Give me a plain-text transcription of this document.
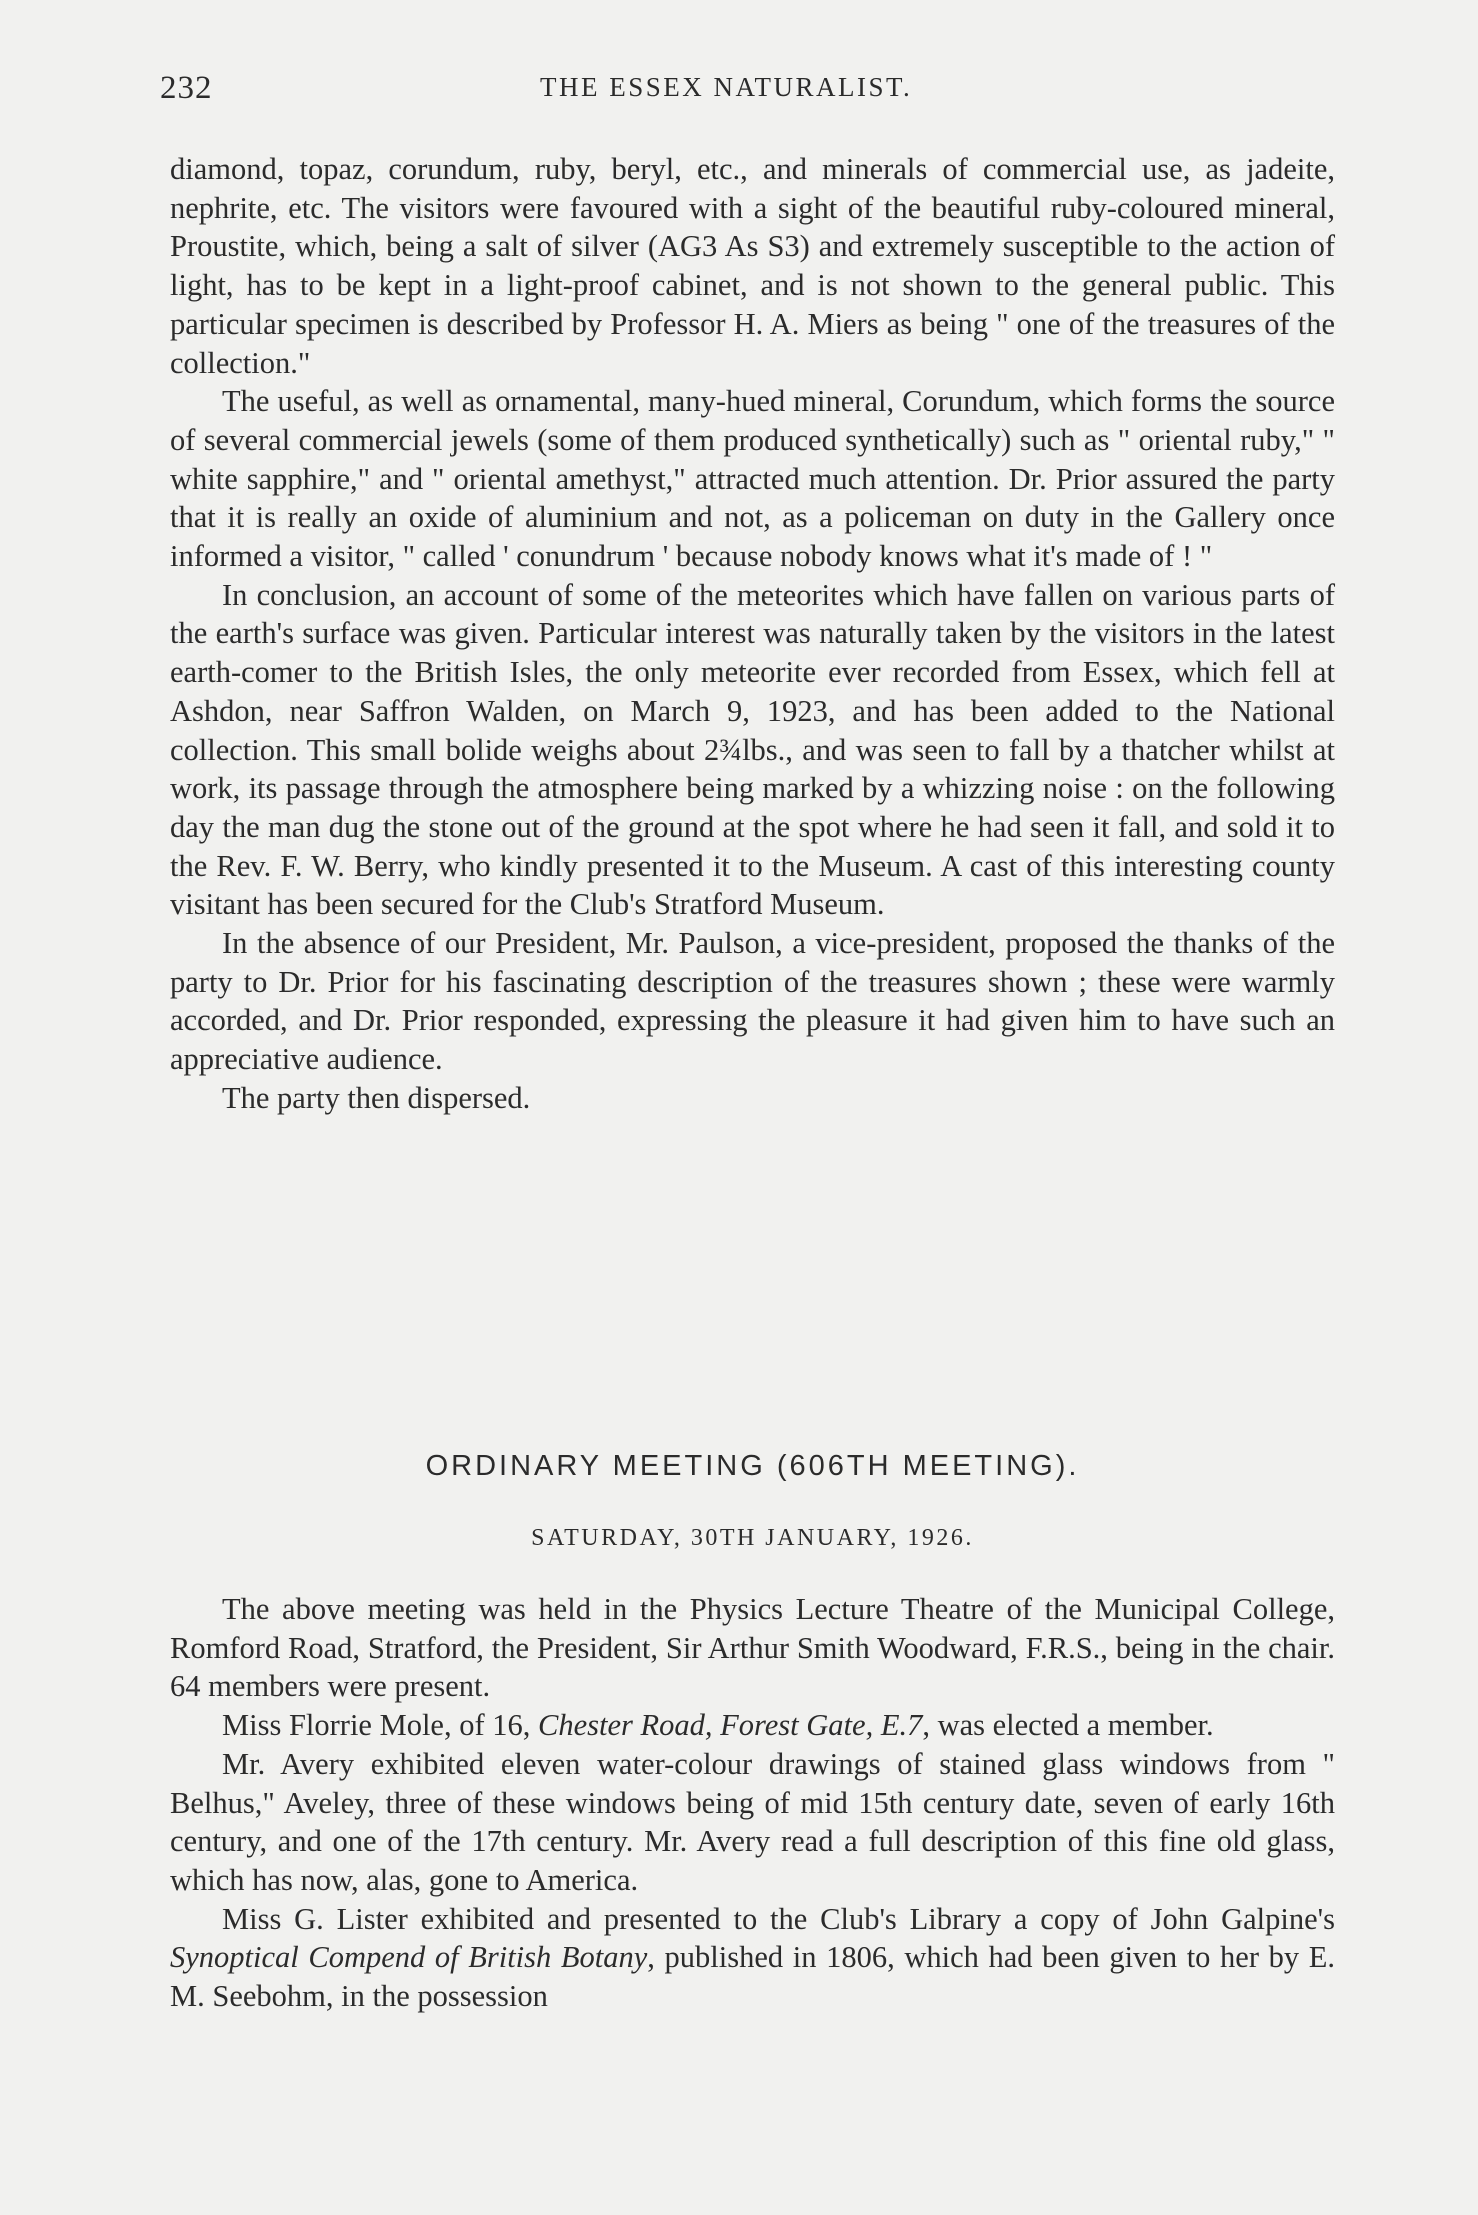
232	THE ESSEX NATURALIST.

diamond, topaz, corundum, ruby, beryl, etc., and minerals of commercial use, as jadeite, nephrite, etc. The visitors were favoured with a sight of the beautiful ruby-coloured mineral, Proustite, which, being a salt of silver (AG3 As S3) and extremely susceptible to the action of light, has to be kept in a light-proof cabinet, and is not shown to the general public. This particular specimen is described by Professor H. A. Miers as being " one of the treasures of the collection."

The useful, as well as ornamental, many-hued mineral, Corundum, which forms the source of several commercial jewels (some of them produced synthetically) such as " oriental ruby," " white sapphire," and " oriental amethyst," attracted much attention. Dr. Prior assured the party that it is really an oxide of aluminium and not, as a policeman on duty in the Gallery once informed a visitor, " called ' conundrum ' because nobody knows what it's made of ! "

In conclusion, an account of some of the meteorites which have fallen on various parts of the earth's surface was given. Particular interest was naturally taken by the visitors in the latest earth-comer to the British Isles, the only meteorite ever recorded from Essex, which fell at Ashdon, near Saffron Walden, on March 9, 1923, and has been added to the National collection. This small bolide weighs about 2¾lbs., and was seen to fall by a thatcher whilst at work, its passage through the atmosphere being marked by a whizzing noise : on the following day the man dug the stone out of the ground at the spot where he had seen it fall, and sold it to the Rev. F. W. Berry, who kindly presented it to the Museum. A cast of this interesting county visitant has been secured for the Club's Stratford Museum.

In the absence of our President, Mr. Paulson, a vice-president, proposed the thanks of the party to Dr. Prior for his fascinating description of the treasures shown ; these were warmly accorded, and Dr. Prior responded, expressing the pleasure it had given him to have such an appreciative audience.

The party then dispersed.

ORDINARY MEETING (606TH MEETING).
SATURDAY, 30TH JANUARY, 1926.

The above meeting was held in the Physics Lecture Theatre of the Municipal College, Romford Road, Stratford, the President, Sir Arthur Smith Woodward, F.R.S., being in the chair. 64 members were present.

Miss Florrie Mole, of 16, Chester Road, Forest Gate, E.7, was elected a member.

Mr. Avery exhibited eleven water-colour drawings of stained glass windows from " Belhus," Aveley, three of these windows being of mid 15th century date, seven of early 16th century, and one of the 17th century. Mr. Avery read a full description of this fine old glass, which has now, alas, gone to America.

Miss G. Lister exhibited and presented to the Club's Library a copy of John Galpine's Synoptical Compend of British Botany, published in 1806, which had been given to her by E. M. Seebohm, in the possession
